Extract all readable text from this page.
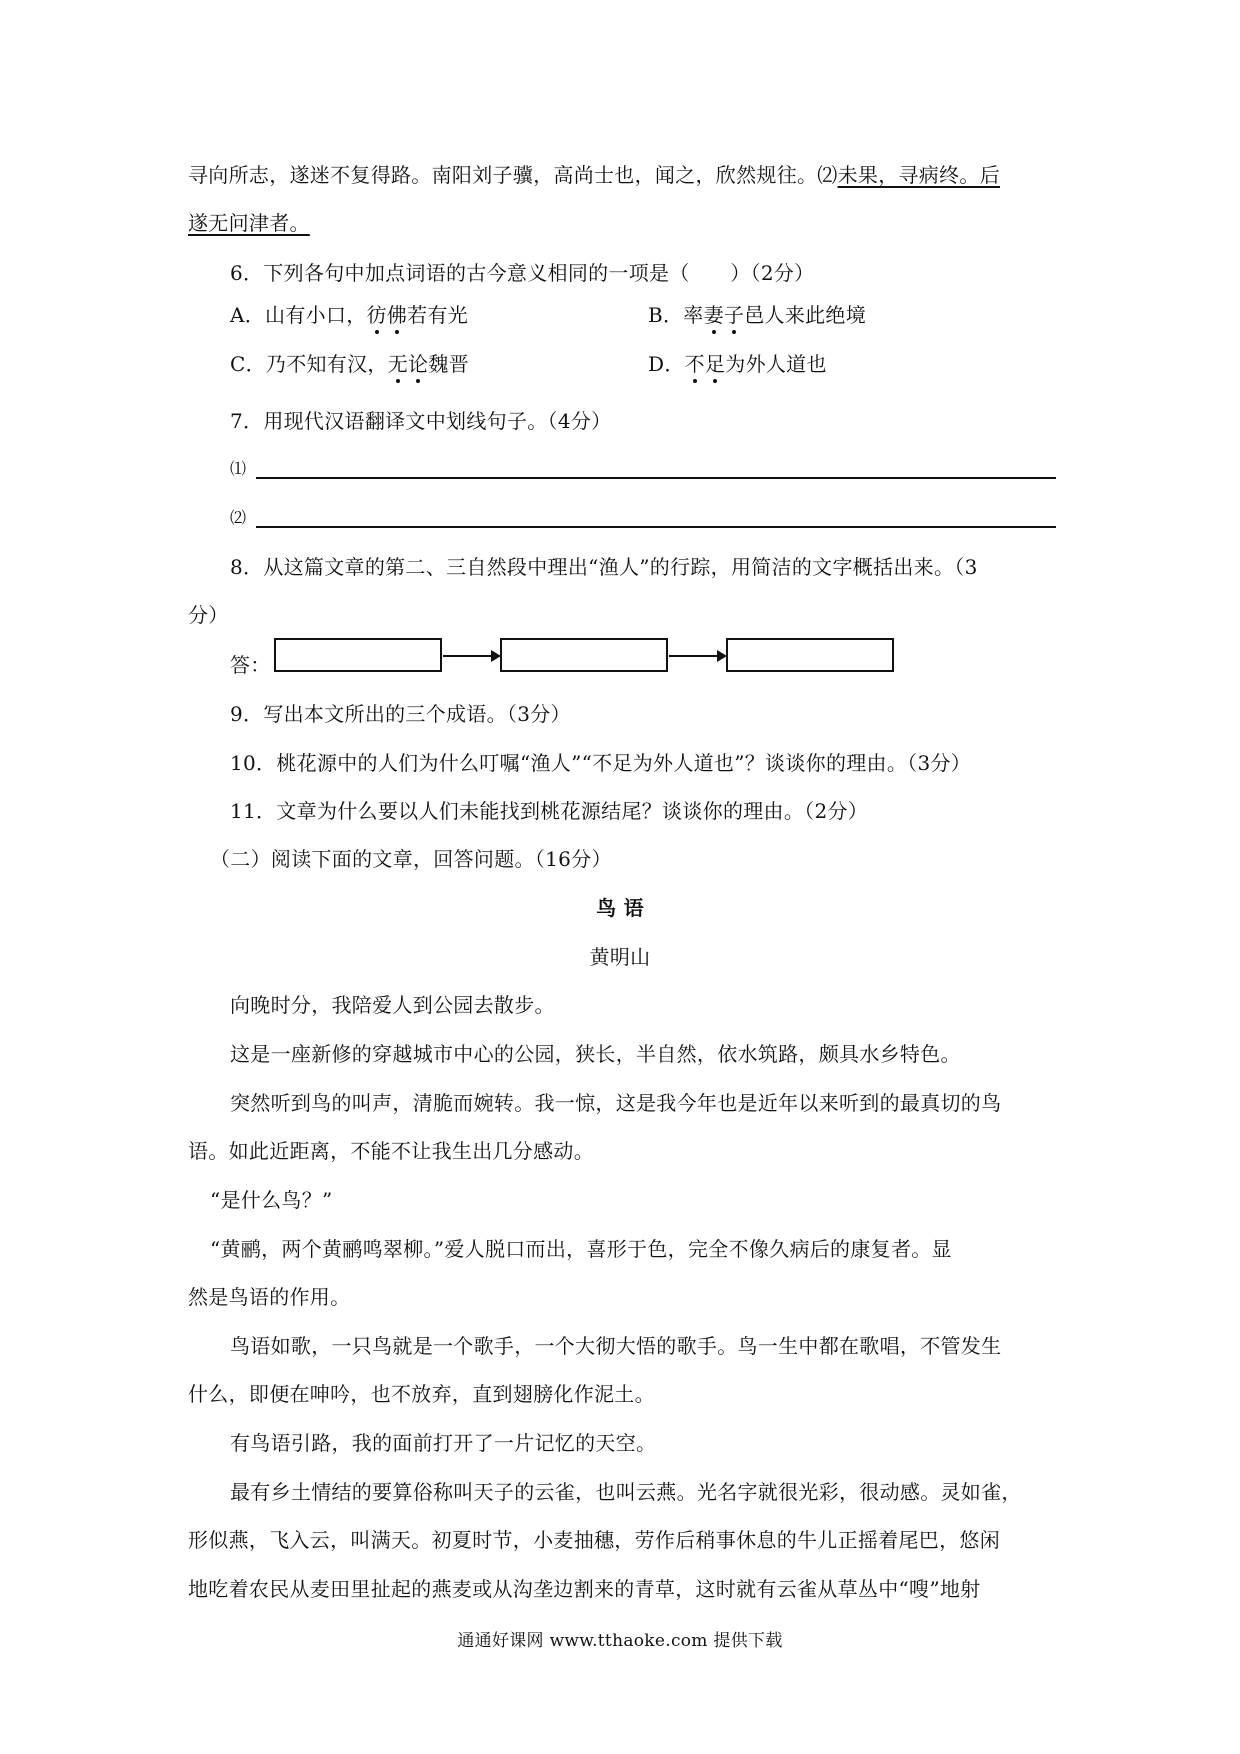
寻向所志，遂迷不复得路。南阳刘子骥，高尚士也，闻之，欣然规往。⑵未果，寻病终。后
遂无问津者。
6．下列各句中加点词语的古今意义相同的一项是（　　）（2分）
A．山有小口，彷佛若有光	B．率妻子邑人来此绝境
C．乃不知有汉，无论魏晋	D．不足为外人道也
7．用现代汉语翻译文中划线句子。（4分）
⑴
⑵
8．从这篇文章的第二、三自然段中理出“渔人”的行踪，用简洁的文字概括出来。（3
分）
答：
9．写出本文所出的三个成语。（3分）
10．桃花源中的人们为什么叮嘱“渔人”“不足为外人道也”？谈谈你的理由。（3分）
11．文章为什么要以人们未能找到桃花源结尾？谈谈你的理由。（2分）
（二）阅读下面的文章，回答问题。（16分）
鸟 语
黄明山
向晚时分，我陪爱人到公园去散步。
这是一座新修的穿越城市中心的公园，狭长，半自然，依水筑路，颇具水乡特色。
突然听到鸟的叫声，清脆而婉转。我一惊，这是我今年也是近年以来听到的最真切的鸟
语。如此近距离，不能不让我生出几分感动。
“是什么鸟？”
“黄鹂，两个黄鹂鸣翠柳。”爱人脱口而出，喜形于色，完全不像久病后的康复者。显
然是鸟语的作用。
鸟语如歌，一只鸟就是一个歌手，一个大彻大悟的歌手。鸟一生中都在歌唱，不管发生
什么，即便在呻吟，也不放弃，直到翅膀化作泥土。
有鸟语引路，我的面前打开了一片记忆的天空。
最有乡土情结的要算俗称叫天子的云雀，也叫云燕。光名字就很光彩，很动感。灵如雀，
形似燕，飞入云，叫满天。初夏时节，小麦抽穗，劳作后稍事休息的牛儿正摇着尾巴，悠闲
地吃着农民从麦田里扯起的燕麦或从沟垄边割来的青草，这时就有云雀从草丛中“嗖”地射
通通好课网 www.tthaoke.com 提供下载
